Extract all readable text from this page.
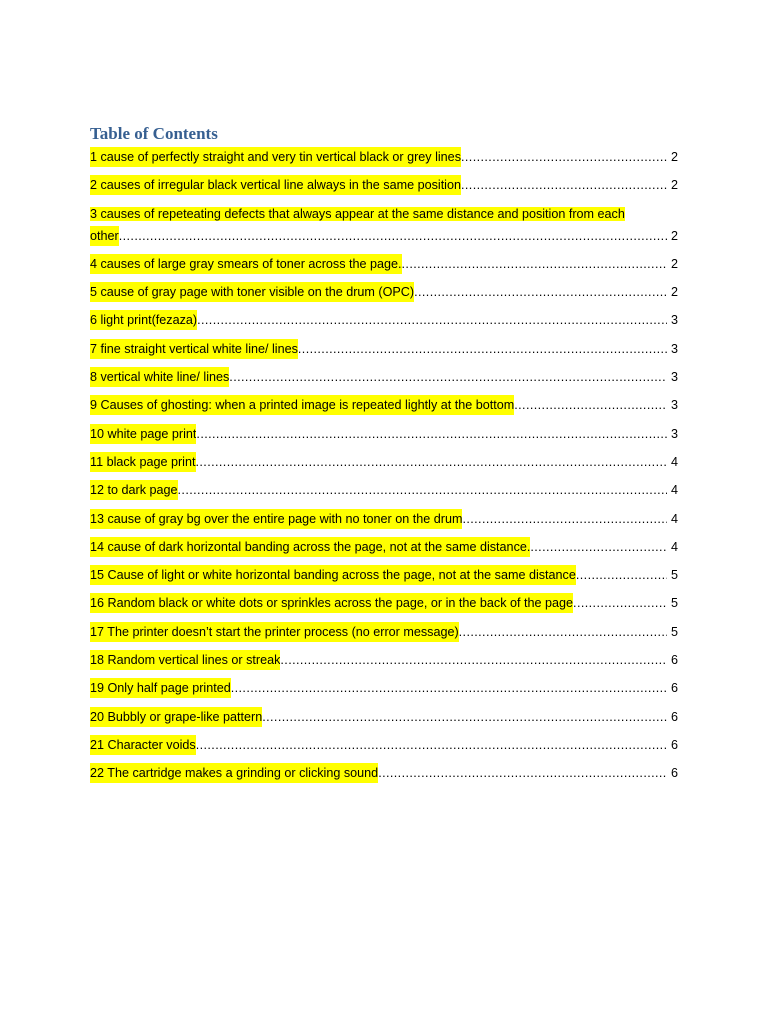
Table of Contents
1 cause of perfectly straight and very tin vertical black or grey lines .....	2
2 causes of irregular black vertical line always in the same position .....	2
3 causes of repeteating defects that always appear at the same distance and position from each
other .....	2
4 causes of large gray smears of toner across the page. .....	2
5 cause of gray page with toner visible on the drum (OPC) .....	2
6 light print(fezaza) .....	3
7 fine straight vertical white line/ lines .....	3
8 vertical white line/ lines .....	3
9 Causes of ghosting: when a printed image is repeated lightly at the bottom .....	3
10 white page print .....	3
11 black page print .....	4
12 to dark page .....	4
13 cause of gray bg over the entire page with no toner on the drum .....	4
14 cause of dark horizontal banding across the page, not at the same distance. .....	4
15 Cause of light or white horizontal banding across the page, not at the same distance .....	5
16 Random black or white dots or sprinkles across the page, or in the back of the page .....	5
17 The printer doesn’t start the printer process (no error message) .....	5
18 Random vertical lines or streak .....	6
19 Only half page printed .....	6
20 Bubbly or grape-like pattern .....	6
21 Character voids .....	6
22 The cartridge makes a grinding or clicking sound .....	6
